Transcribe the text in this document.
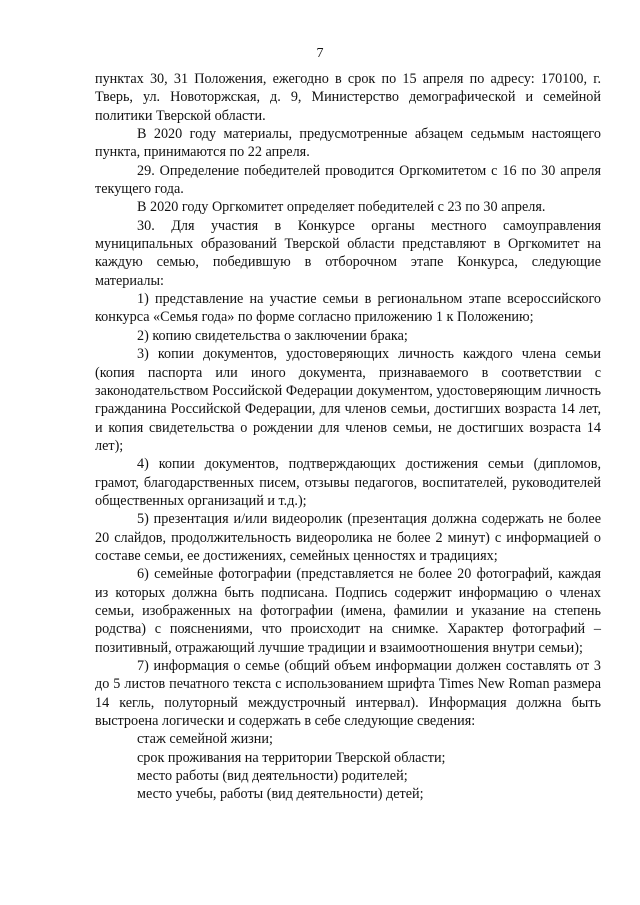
7

пунктах 30, 31 Положения, ежегодно в срок по 15 апреля по адресу: 170100, г. Тверь, ул. Новоторжская, д. 9, Министерство демографической и семейной политики Тверской области.

В 2020 году материалы, предусмотренные абзацем седьмым настоящего пункта, принимаются по 22 апреля.

29. Определение победителей проводится Оргкомитетом с 16 по 30 апреля текущего года.

В 2020 году Оргкомитет определяет победителей с 23 по 30 апреля.

30. Для участия в Конкурсе органы местного самоуправления муниципальных образований Тверской области представляют в Оргкомитет на каждую семью, победившую в отборочном этапе Конкурса, следующие материалы:

1) представление на участие семьи в региональном этапе всероссийского конкурса «Семья года» по форме согласно приложению 1 к Положению;

2) копию свидетельства о заключении брака;

3) копии документов, удостоверяющих личность каждого члена семьи (копия паспорта или иного документа, признаваемого в соответствии с законодательством Российской Федерации документом, удостоверяющим личность гражданина Российской Федерации, для членов семьи, достигших возраста 14 лет, и копия свидетельства о рождении для членов семьи, не достигших возраста 14 лет);

4) копии документов, подтверждающих достижения семьи (дипломов, грамот, благодарственных писем, отзывы педагогов, воспитателей, руководителей общественных организаций и т.д.);

5) презентация и/или видеоролик (презентация должна содержать не более 20 слайдов, продолжительность видеоролика не более 2 минут) с информацией о составе семьи, ее достижениях, семейных ценностях и традициях;

6) семейные фотографии (представляется не более 20 фотографий, каждая из которых должна быть подписана. Подпись содержит информацию о членах семьи, изображенных на фотографии (имена, фамилии и указание на степень родства) с пояснениями, что происходит на снимке. Характер фотографий – позитивный, отражающий лучшие традиции и взаимоотношения внутри семьи);

7) информация о семье (общий объем информации должен составлять от 3 до 5 листов печатного текста с использованием шрифта Times New Roman размера 14 кегль, полуторный междустрочный интервал). Информация должна быть выстроена логически и содержать в себе следующие сведения:

стаж семейной жизни;

срок проживания на территории Тверской области;

место работы (вид деятельности) родителей;

место учебы, работы (вид деятельности) детей;
